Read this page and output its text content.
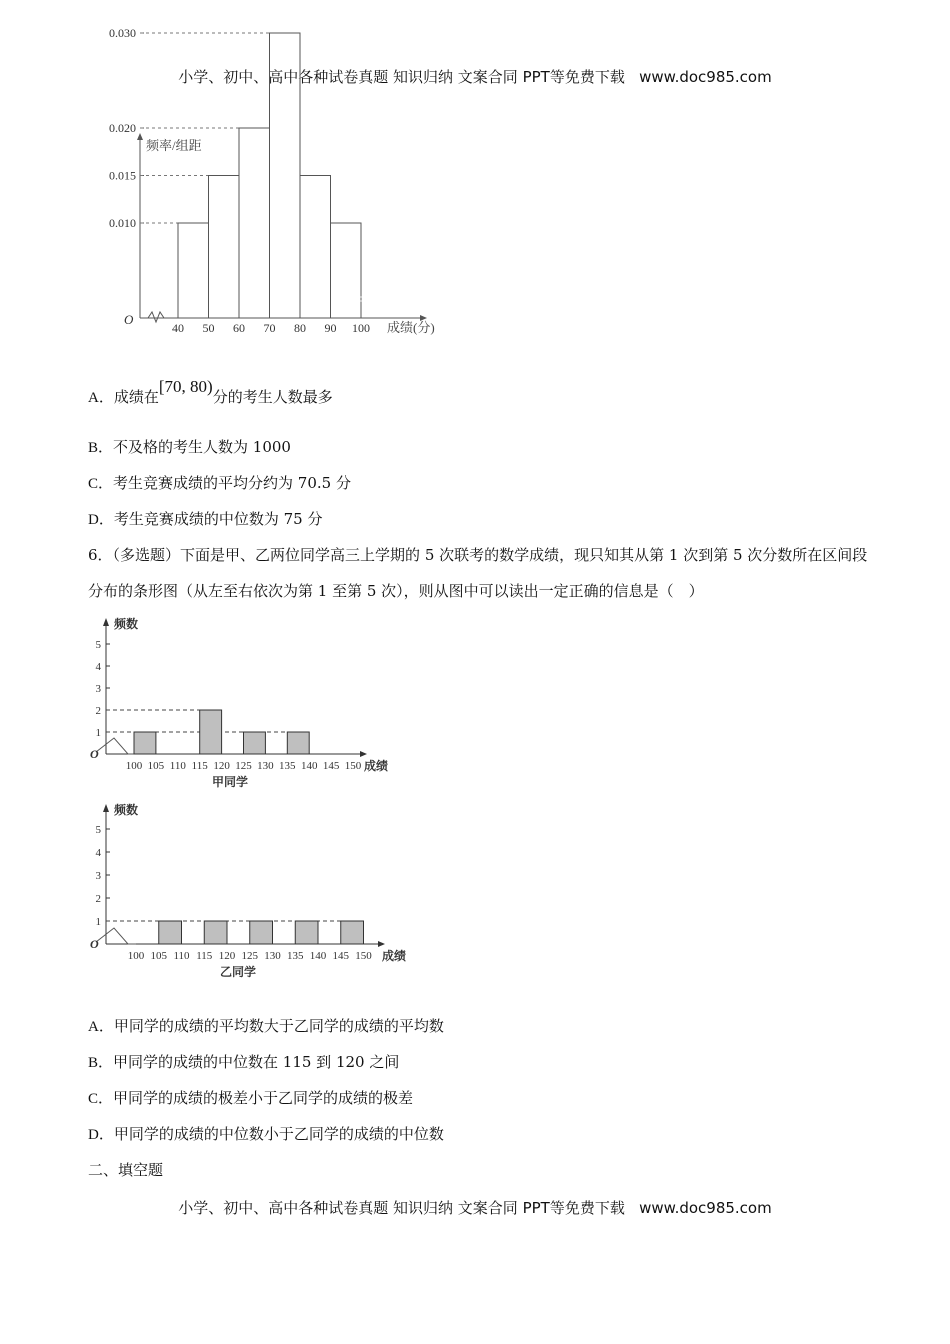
小学、初中、高中各种试卷真题 知识归纳 文案合同 PPT等免费下载 www.doc985.com
O
频率/组距
成绩(分)
0.010
0.015
0.020
0.030
40 50 60 70 80 90 100
A．成绩在[70, 80)分的考生人数最多
B．不及格的考生人数为 1000
C．考生竞赛成绩的平均分约为 70.5 分
D．考生竞赛成绩的中位数为 75 分
6．（多选题）下面是甲、乙两位同学高三上学期的 5 次联考的数学成绩，现只知其从第 1 次到第 5 次分数所在区间段分布的条形图（从左至右依次为第 1 至第 5 次），则从图中可以读出一定正确的信息是（　）
O
频数
成绩
1
2
3
4
5
100 105 110 115 120 125 130 135 140 145 150
甲同学
O
频数
成绩
1
2
3
4
5
100 105 110 115 120 125 130 135 140 145 150
乙同学
A．甲同学的成绩的平均数大于乙同学的成绩的平均数
B．甲同学的成绩的中位数在 115 到 120 之间
C．甲同学的成绩的极差小于乙同学的成绩的极差
D．甲同学的成绩的中位数小于乙同学的成绩的中位数
二、填空题
小学、初中、高中各种试卷真题 知识归纳 文案合同 PPT等免费下载 www.doc985.com
